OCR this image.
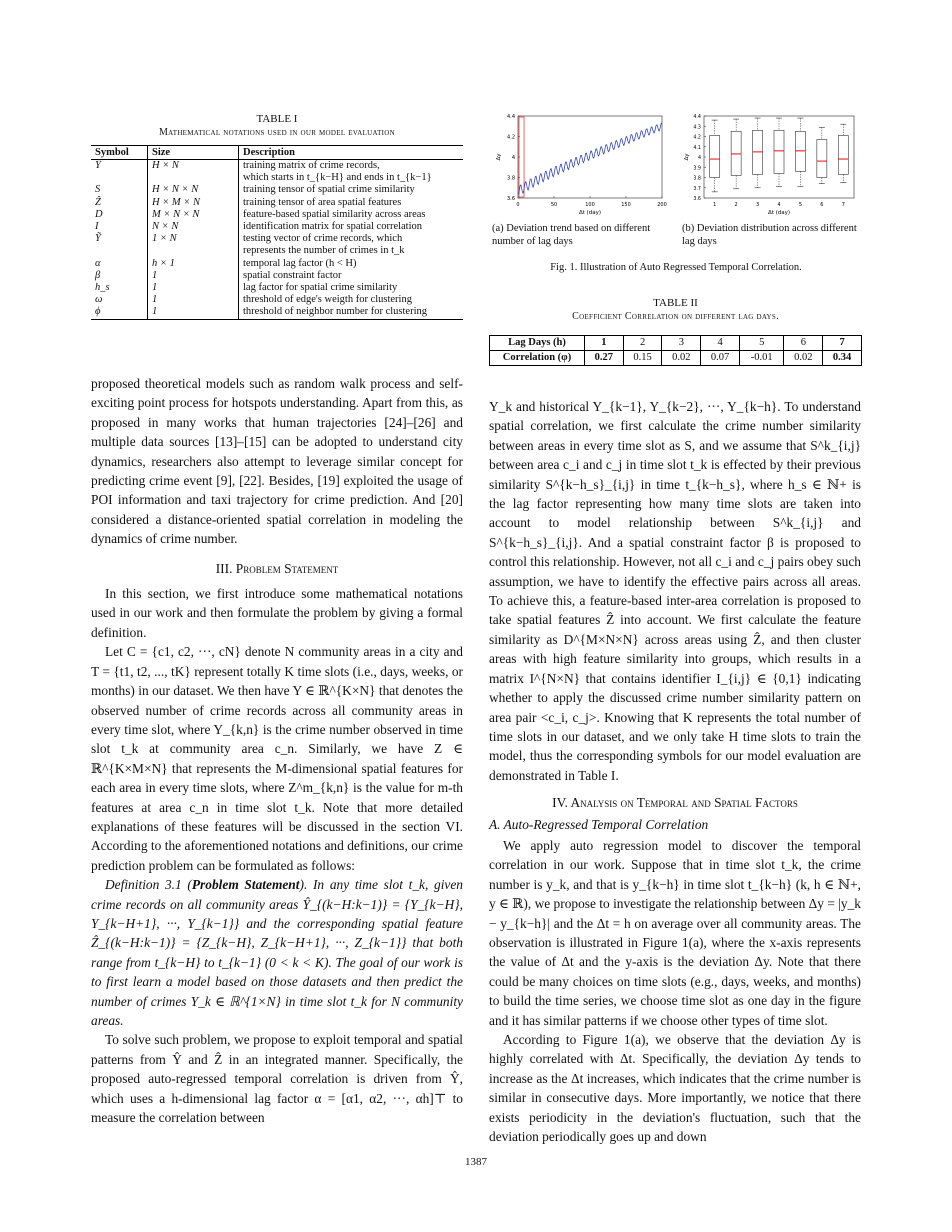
TABLE I
Mathematical notations used in our model evaluation
Symbol	Size	Description
Ŷ	H × N	training matrix of crime records,
		which starts in t_{k−H} and ends in t_{k−1}
S	H × N × N	training tensor of spatial crime similarity
Ẑ	H × M × N	training tensor of area spatial features
D	M × N × N	feature-based spatial similarity across areas
I	N × N	identification matrix for spatial correlation
Ỹ	1 × N	testing vector of crime records, which
		represents the number of crimes in t_k
α	h × 1	temporal lag factor (h < H)
β	1	spatial constraint factor
h_s	1	lag factor for spatial crime similarity
ω	1	threshold of edge's weigth for clustering
ϕ	1	threshold of neighbor number for clustering
0	50	100	150	200
3.6
3.8
4
4.2
4.4
Δt (day)
Δy
3.6
3.7
3.8
3.9
4
4.1
4.2
4.3
4.4
1	2	3	4	5	6	7
Δt (day)
Δy
(a) Deviation trend based on different number of lag days
(b) Deviation distribution across different lag days
Fig. 1. Illustration of Auto Regressed Temporal Correlation.
TABLE II
Coefficient Correlation on different lag days.
Lag Days (h)	1	2	3	4	5	6	7
Correlation (φ)	0.27	0.15	0.02	0.07	-0.01	0.02	0.34

proposed theoretical models such as random walk process and self-exciting point process for hotspots understanding. Apart from this, as proposed in many works that human trajectories [24]–[26] and multiple data sources [13]–[15] can be adopted to understand city dynamics, researchers also attempt to leverage similar concept for predicting crime event [9], [22]. Besides, [19] exploited the usage of POI information and taxi trajectory for crime prediction. And [20] considered a distance-oriented spatial correlation in modeling the dynamics of crime number.

III. Problem Statement

In this section, we first introduce some mathematical notations used in our work and then formulate the problem by giving a formal definition.

Let C = {c1, c2, ···, cN} denote N community areas in a city and T = {t1, t2, ..., tK} represent totally K time slots (i.e., days, weeks, or months) in our dataset. We then have Y ∈ ℝ^{K×N} that denotes the observed number of crime records across all community areas in every time slot, where Y_{k,n} is the crime number observed in time slot t_k at community area c_n. Similarly, we have Z ∈ ℝ^{K×M×N} that represents the M-dimensional spatial features for each area in every time slots, where Z^m_{k,n} is the value for m-th features at area c_n in time slot t_k. Note that more detailed explanations of these features will be discussed in the section VI. According to the aforementioned notations and definitions, our crime prediction problem can be formulated as follows:

Definition 3.1 (Problem Statement). In any time slot t_k, given crime records on all community areas Ŷ_{(k−H:k−1)} = {Y_{k−H}, Y_{k−H+1}, ···, Y_{k−1}} and the corresponding spatial feature Ẑ_{(k−H:k−1)} = {Z_{k−H}, Z_{k−H+1}, ···, Z_{k−1}} that both range from t_{k−H} to t_{k−1} (0 < k < K). The goal of our work is to first learn a model based on those datasets and then predict the number of crimes Y_k ∈ ℝ^{1×N} in time slot t_k for N community areas.

To solve such problem, we propose to exploit temporal and spatial patterns from Ŷ and Ẑ in an integrated manner. Specifically, the proposed auto-regressed temporal correlation is driven from Ŷ, which uses a h-dimensional lag factor α = [α1, α2, ···, αh]⊤ to measure the correlation between

Y_k and historical Y_{k−1}, Y_{k−2}, ···, Y_{k−h}. To understand spatial correlation, we first calculate the crime number similarity between areas in every time slot as S, and we assume that S^k_{i,j} between area c_i and c_j in time slot t_k is effected by their previous similarity S^{k−h_s}_{i,j} in time t_{k−h_s}, where h_s ∈ ℕ+ is the lag factor representing how many time slots are taken into account to model relationship between S^k_{i,j} and S^{k−h_s}_{i,j}. And a spatial constraint factor β is proposed to control this relationship. However, not all c_i and c_j pairs obey such assumption, we have to identify the effective pairs across all areas. To achieve this, a feature-based inter-area correlation is proposed to take spatial features Ẑ into account. We first calculate the feature similarity as D^{M×N×N} across areas using Ẑ, and then cluster areas with high feature similarity into groups, which results in a matrix I^{N×N} that contains identifier I_{i,j} ∈ {0,1} indicating whether to apply the discussed crime number similarity pattern on area pair <c_i, c_j>. Knowing that K represents the total number of time slots in our dataset, and we only take H time slots to train the model, thus the corresponding symbols for our model evaluation are demonstrated in Table I.

IV. Analysis on Temporal and Spatial Factors
A. Auto-Regressed Temporal Correlation

We apply auto regression model to discover the temporal correlation in our work. Suppose that in time slot t_k, the crime number is y_k, and that is y_{k−h} in time slot t_{k−h} (k, h ∈ ℕ+, y ∈ ℝ), we propose to investigate the relationship between Δy = |y_k − y_{k−h}| and the Δt = h on average over all community areas. The observation is illustrated in Figure 1(a), where the x-axis represents the value of Δt and the y-axis is the deviation Δy. Note that there could be many choices on time slots (e.g., days, weeks, and months) to build the time series, we choose time slot as one day in the figure and it has similar patterns if we choose other types of time slot.

According to Figure 1(a), we observe that the deviation Δy is highly correlated with Δt. Specifically, the deviation Δy tends to increase as the Δt increases, which indicates that the crime number is similar in consecutive days. More importantly, we notice that there exists periodicity in the deviation's fluctuation, such that the deviation periodically goes up and down

1387
